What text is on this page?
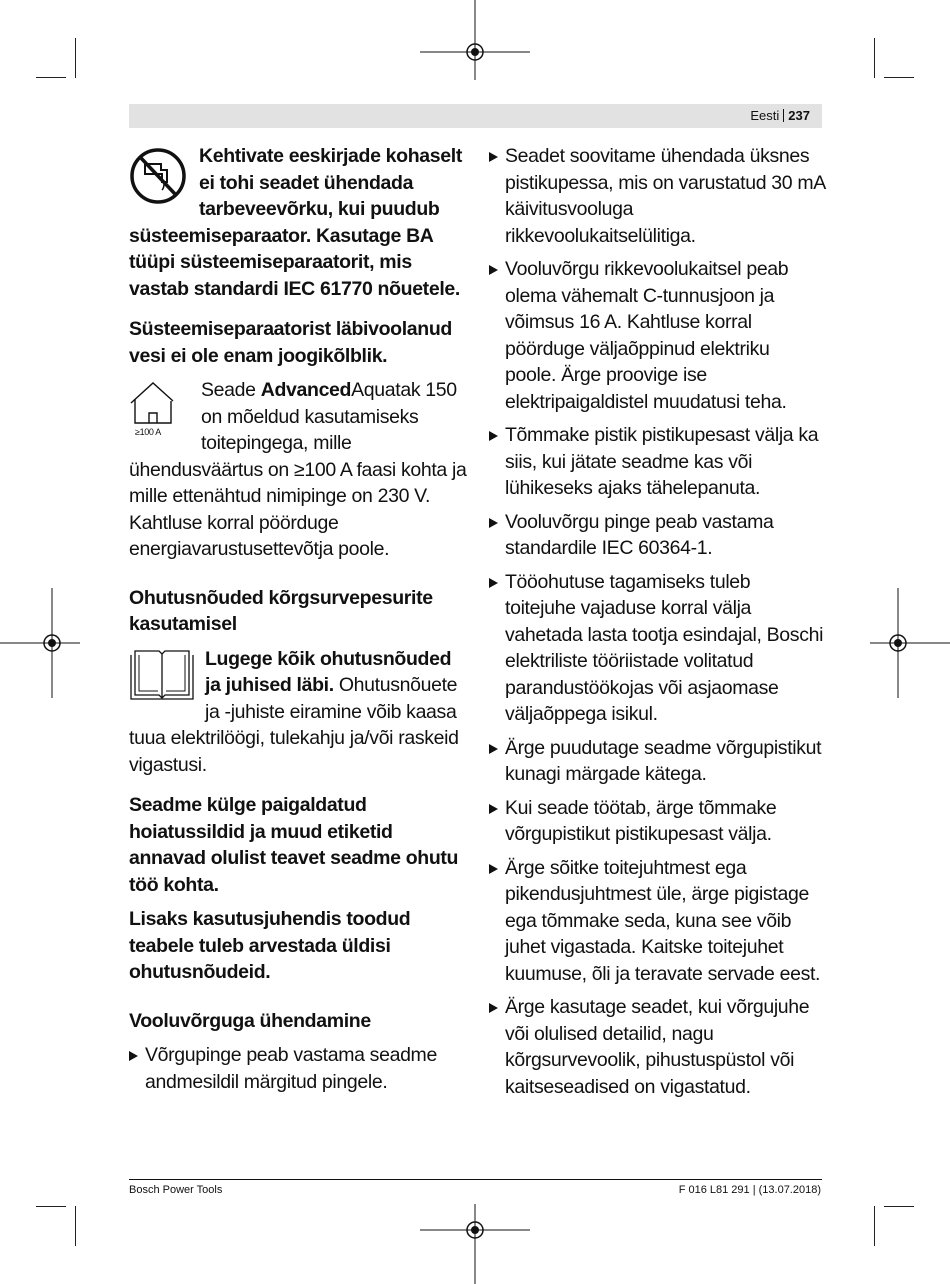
Eesti 237
Kehtivate eeskirjade kohaselt ei tohi seadet ühendada tarbeveevõrku, kui puudub süsteemiseparaator. Kasutage BA tüüpi süsteemiseparaatorit, mis vastab standardi IEC 61770 nõuetele.
Süsteemiseparaatorist läbivoolanud vesi ei ole enam joogikõlblik.
≥100 A
Seade AdvancedAquatak 150 on mõeldud kasutamiseks toitepingega, mille ühendusväärtus on ≥100 A faasi kohta ja mille ettenähtud nimipinge on 230 V. Kahtluse korral pöörduge energiavarustusettevõtja poole.
Ohutusnõuded kõrgsurvepesurite kasutamisel
Lugege kõik ohutusnõuded ja juhised läbi. Ohutusnõuete ja -juhiste eiramine võib kaasa tuua elektrilöögi, tulekahju ja/või raskeid vigastusi.
Seadme külge paigaldatud hoiatussildid ja muud etiketid annavad olulist teavet seadme ohutu töö kohta.
Lisaks kasutusjuhendis toodud teabele tuleb arvestada üldisi ohutusnõudeid.
Vooluvõrguga ühendamine
Võrgupinge peab vastama seadme andmesildil märgitud pingele.
Seadet soovitame ühendada üksnes pistikupessa, mis on varustatud 30 mA käivitusvooluga rikkevoolukaitselülitiga.
Vooluvõrgu rikkevoolukaitsel peab olema vähemalt C-tunnusjoon ja võimsus 16 A. Kahtluse korral pöörduge väljaõppinud elektriku poole. Ärge proovige ise elektripaigaldistel muudatusi teha.
Tõmmake pistik pistikupesast välja ka siis, kui jätate seadme kas või lühikeseks ajaks tähelepanuta.
Vooluvõrgu pinge peab vastama standardile IEC 60364-1.
Tööohutuse tagamiseks tuleb toitejuhe vajaduse korral välja vahetada lasta tootja esindajal, Boschi elektriliste tööriistade volitatud parandustöökojas või asjaomase väljaõppega isikul.
Ärge puudutage seadme võrgupistikut kunagi märgade kätega.
Kui seade töötab, ärge tõmmake võrgupistikut pistikupesast välja.
Ärge sõitke toitejuhtmest ega pikendusjuhtmest üle, ärge pigistage ega tõmmake seda, kuna see võib juhet vigastada. Kaitske toitejuhet kuumuse, õli ja teravate servade eest.
Ärge kasutage seadet, kui võrgujuhe või olulised detailid, nagu kõrgsurvevoolik, pihustuspüstol või kaitseseadised on vigastatud.
Bosch Power Tools	F 016 L81 291 | (13.07.2018)
